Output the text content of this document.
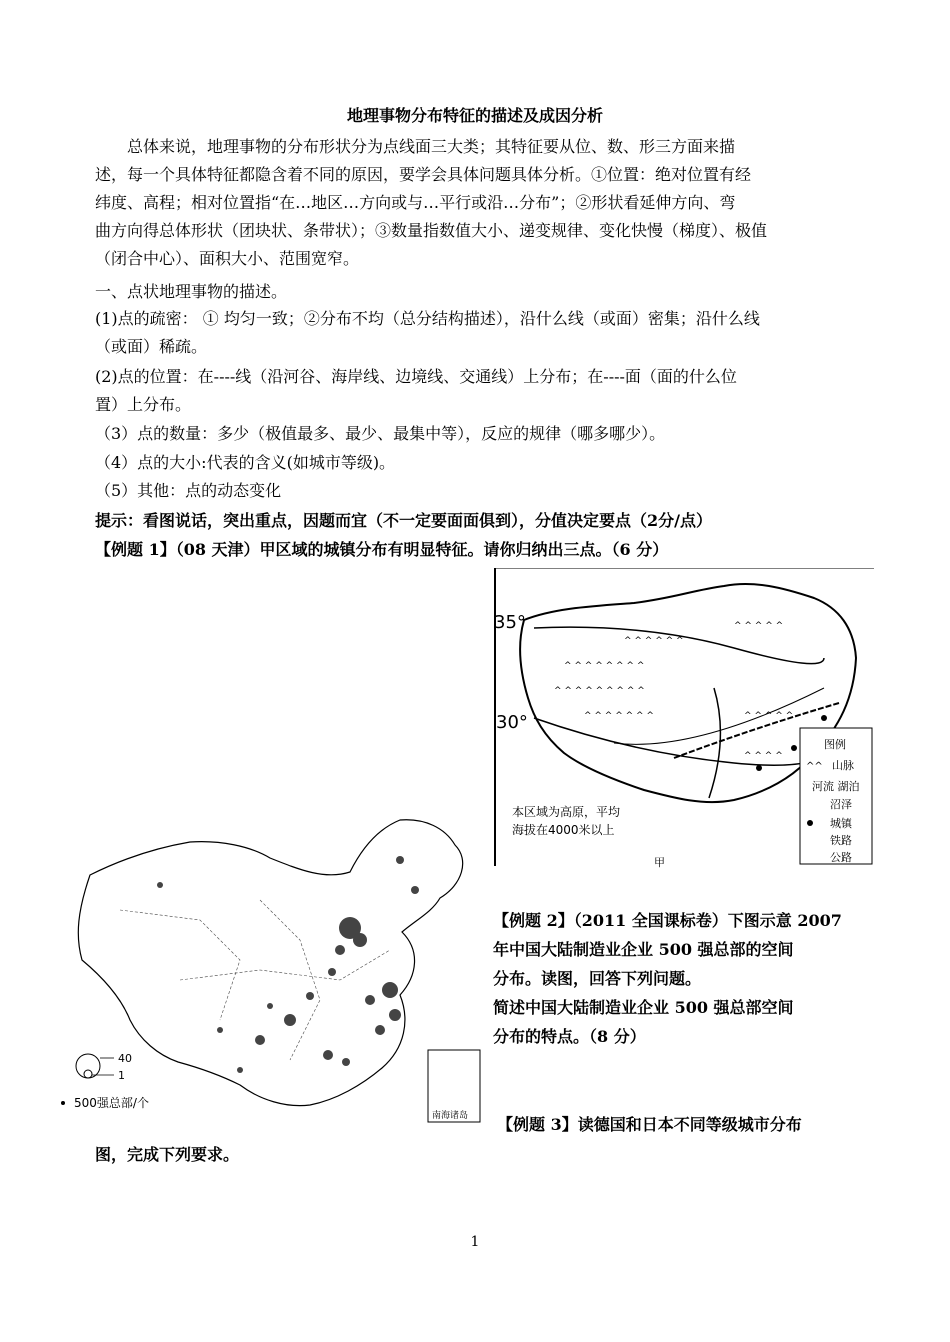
地理事物分布特征的描述及成因分析
总体来说，地理事物的分布形状分为点线面三大类；其特征要从位、数、形三方面来描
述，每一个具体特征都隐含着不同的原因，要学会具体问题具体分析。①位置：绝对位置有经
纬度、高程；相对位置指“在…地区…方向或与…平行或沿…分布”；②形状看延伸方向、弯
曲方向得总体形状（团块状、条带状）；③数量指数值大小、递变规律、变化快慢（梯度）、极值
（闭合中心）、面积大小、范围宽窄。
一、点状地理事物的描述。
(1)点的疏密： ① 均匀一致；②分布不均（总分结构描述），沿什么线（或面）密集；沿什么线
（或面）稀疏。
(2)点的位置：在----线（沿河谷、海岸线、边境线、交通线）上分布；在----面（面的什么位
置）上分布。
（3）点的数量：多少（极值最多、最少、最集中等），反应的规律（哪多哪少）。
（4）点的大小:代表的含义(如城市等级)。
（5）其他：点的动态变化
提示：看图说话，突出重点，因题而宜（不一定要面面俱到），分值决定要点（2分/点）
【例题 1】（08 天津）甲区域的城镇分布有明显特征。请你归纳出三点。（6 分）
^ ^ ^ ^ ^ ^ ^ ^
^ ^ ^ ^ ^ ^ ^ ^ ^
^ ^ ^ ^ ^ ^ ^
^ ^ ^ ^ ^ ^
^ ^ ^ ^ ^
^ ^ ^ ^ ^
^ ^ ^ ^
35°
30°
本区域为高原，平均
海拔在4000米以上
图例
^^ 山脉
河流 湖泊
沼泽
城镇
铁路
公路
甲
南海诸岛
40
1
500强总部/个
【例题 2】（2011 全国课标卷）下图示意 2007
年中国大陆制造业企业 500 强总部的空间
分布。读图，回答下列问题。
简述中国大陆制造业企业 500 强总部空间
分布的特点。（8 分）
【例题 3】读德国和日本不同等级城市分布
图，完成下列要求。
1
